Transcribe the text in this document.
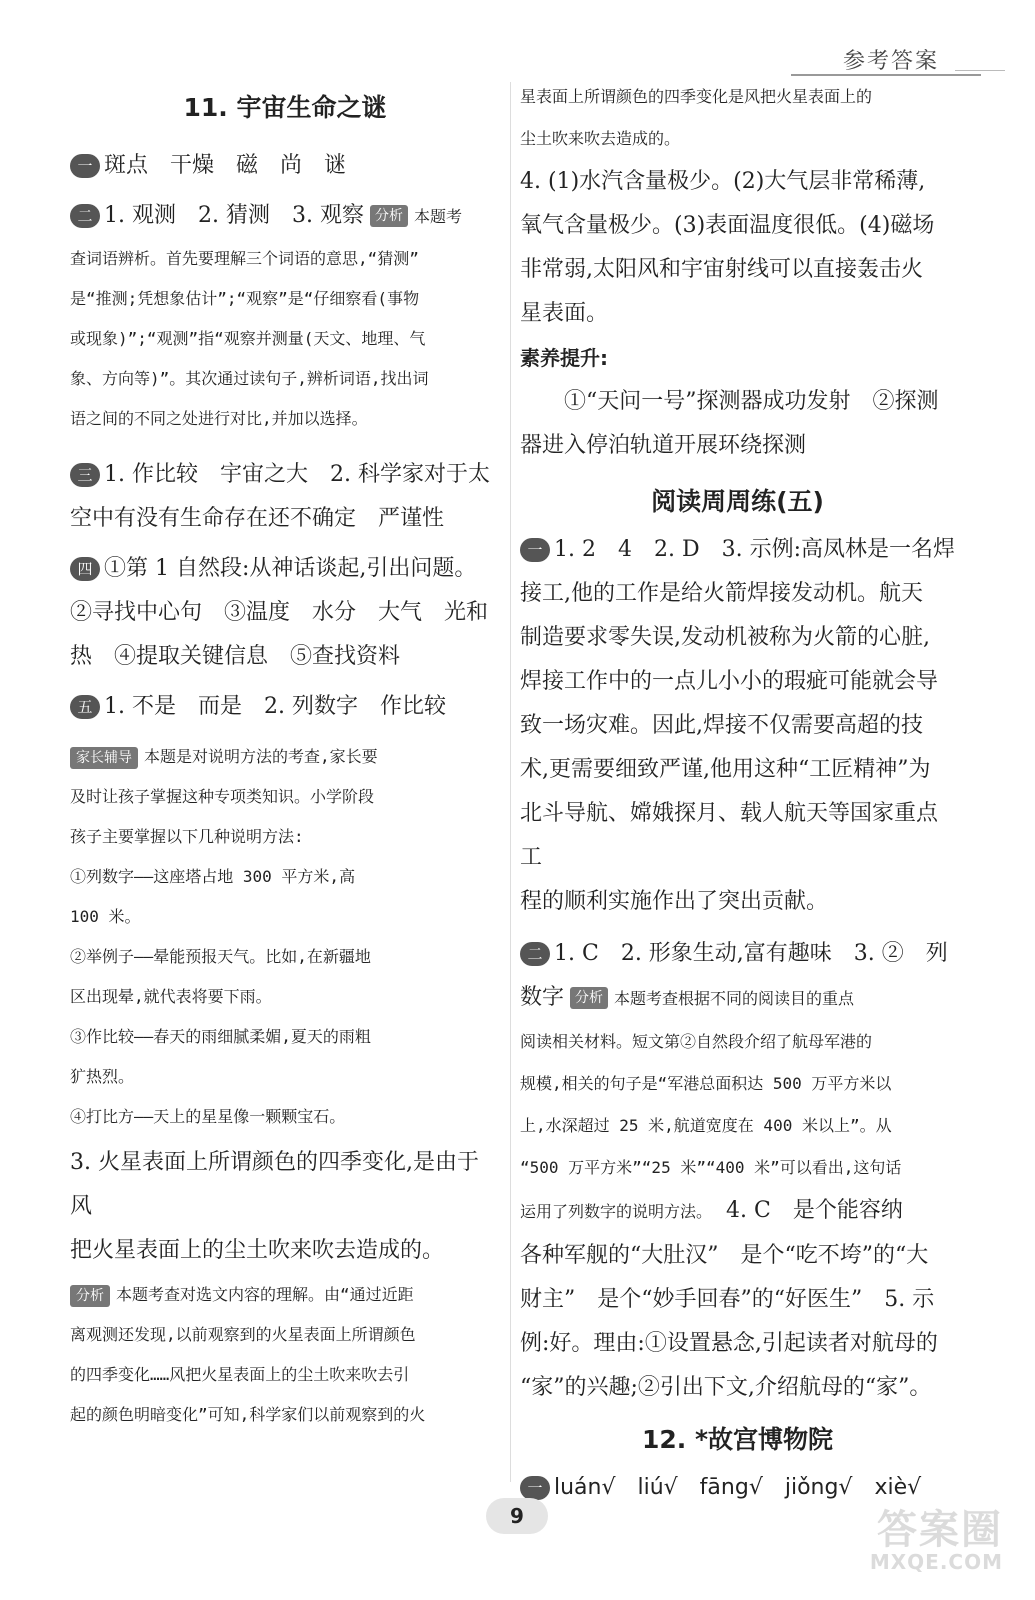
参考答案
11. 宇宙生命之谜

一 斑点　干燥　磁　尚　谜

二 1. 观测　2. 猜测　3. 观察 分析 本题考

查词语辨析。首先要理解三个词语的意思,“猜测”

是“推测;凭想象估计”;“观察”是“仔细察看(事物

或现象)”;“观测”指“观察并测量(天文、地理、气

象、方向等)”。其次通过读句子,辨析词语,找出词

语之间的不同之处进行对比,并加以选择。

三 1. 作比较　宇宙之大　2. 科学家对于太

空中有没有生命存在还不确定　严谨性

四 ①第 1 自然段:从神话谈起,引出问题。

②寻找中心句　③温度　水分　大气　光和

热　④提取关键信息　⑤查找资料

五 1. 不是　而是　2. 列数字　作比较

家长辅导 本题是对说明方法的考查,家长要

及时让孩子掌握这种专项类知识。小学阶段

孩子主要掌握以下几种说明方法:

①列数字——这座塔占地 300 平方米,高

100 米。

②举例子——晕能预报天气。比如,在新疆地

区出现晕,就代表将要下雨。

③作比较——春天的雨细腻柔媚,夏天的雨粗

犷热烈。

④打比方——天上的星星像一颗颗宝石。

3. 火星表面上所谓颜色的四季变化,是由于风

把火星表面上的尘土吹来吹去造成的。

分析 本题考查对选文内容的理解。由“通过近距

离观测还发现,以前观察到的火星表面上所谓颜色

的四季变化……风把火星表面上的尘土吹来吹去引

起的颜色明暗变化”可知,科学家们以前观察到的火

星表面上所谓颜色的四季变化是风把火星表面上的

尘土吹来吹去造成的。

4. (1)水汽含量极少。(2)大气层非常稀薄,

氧气含量极少。(3)表面温度很低。(4)磁场

非常弱,太阳风和宇宙射线可以直接轰击火

星表面。

素养提升:

①“天问一号”探测器成功发射　②探测

器进入停泊轨道开展环绕探测

阅读周周练(五)

一 1. 2　4　2. D　3. 示例:高凤林是一名焊

接工,他的工作是给火箭焊接发动机。航天

制造要求零失误,发动机被称为火箭的心脏,

焊接工作中的一点儿小小的瑕疵可能就会导

致一场灾难。因此,焊接不仅需要高超的技

术,更需要细致严谨,他用这种“工匠精神”为

北斗导航、嫦娥探月、载人航天等国家重点工

程的顺利实施作出了突出贡献。

二 1. C　2. 形象生动,富有趣味　3. ②　列

数字 分析 本题考查根据不同的阅读目的重点

阅读相关材料。短文第②自然段介绍了航母军港的

规模,相关的句子是“军港总面积达 500 万平方米以

上,水深超过 25 米,航道宽度在 400 米以上”。从

“500 万平方米”“25 米”“400 米”可以看出,这句话

运用了列数字的说明方法。　4. C　是个能容纳

各种军舰的“大肚汉”　是个“吃不垮”的“大

财主”　是个“妙手回春”的“好医生”　5. 示

例:好。理由:①设置悬念,引起读者对航母的

“家”的兴趣;②引出下文,介绍航母的“家”。

12. *故宫博物院

一 luán√　liú√　fāng√　jiǒng√　xiè√

9	答案圈
MXQE.COM
